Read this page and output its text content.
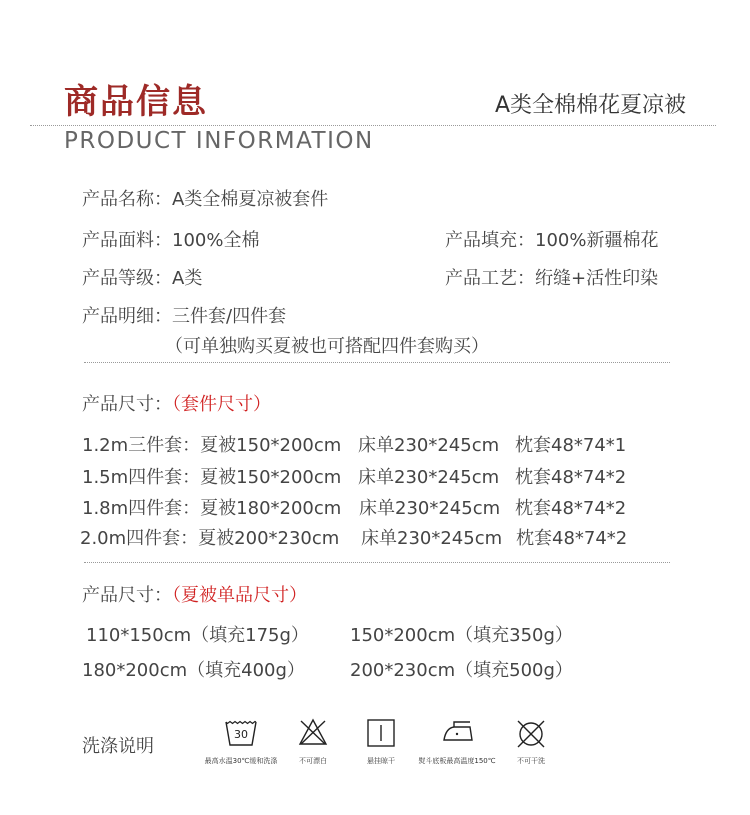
商品信息	A类全棉棉花夏凉被
PRODUCT INFORMATION
产品名称：A类全棉夏凉被套件
产品面料：100%全棉	产品填充：100%新疆棉花
产品等级：A类	产品工艺：绗缝+活性印染
产品明细：三件套/四件套
（可单独购买夏被也可搭配四件套购买）
产品尺寸：（套件尺寸）
1.2m三件套：夏被150*200cm 床单230*245cm 枕套48*74*1
1.5m四件套：夏被150*200cm 床单230*245cm 枕套48*74*2
1.8m四件套：夏被180*200cm 床单230*245cm 枕套48*74*2
2.0m四件套：夏被200*230cm 床单230*245cm 枕套48*74*2
产品尺寸：（夏被单品尺寸）
110*150cm（填充175g） 150*200cm（填充350g）
180*200cm（填充400g）	200*230cm（填充500g）
洗涤说明
30
最高水温30℃缓和洗涤	不可漂白	悬挂晾干	熨斗底板最高温度150℃	不可干洗
